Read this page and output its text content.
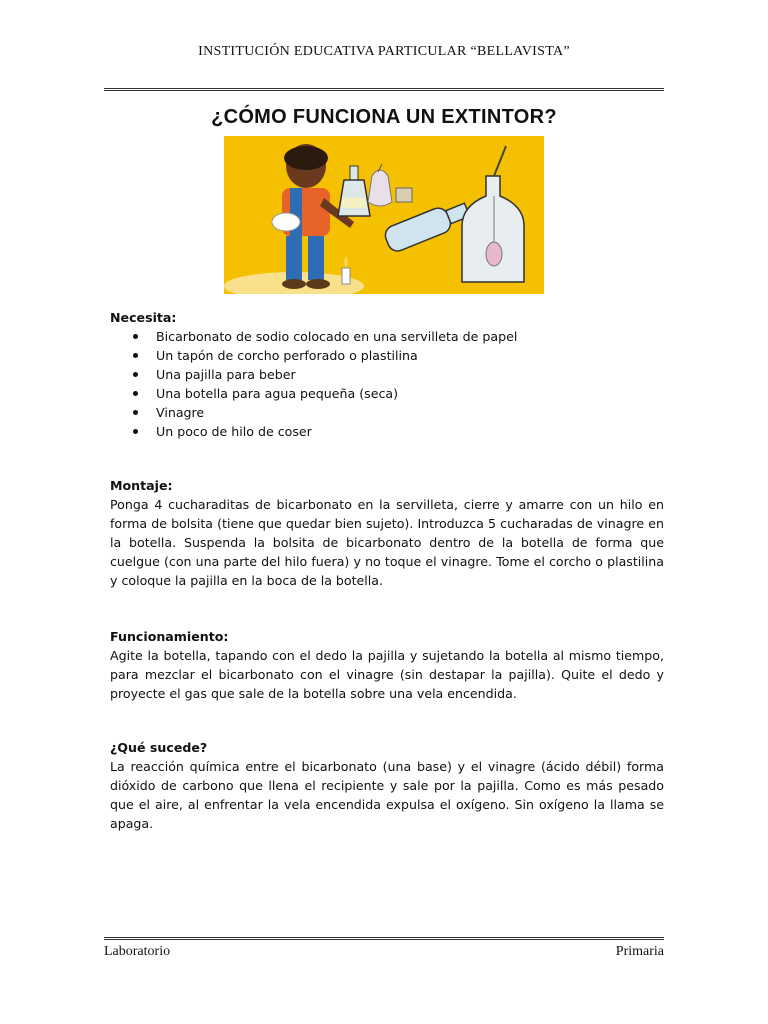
INSTITUCIÓN EDUCATIVA PARTICULAR “BELLAVISTA”
¿CÓMO FUNCIONA UN EXTINTOR?
Necesita:
Bicarbonato de sodio colocado en una servilleta de papel
Un tapón de corcho perforado o plastilina
Una pajilla para beber
Una botella para agua pequeña (seca)
Vinagre
Un poco de hilo de coser
Montaje:
Ponga 4 cucharaditas de bicarbonato en la servilleta, cierre y amarre con un hilo en forma de bolsita (tiene que quedar bien sujeto). Introduzca 5 cucharadas de vinagre en la botella. Suspenda la bolsita de bicarbonato dentro de la botella de forma que cuelgue (con una parte del hilo fuera) y no toque el vinagre. Tome el corcho o plastilina y coloque la pajilla en la boca de la botella.
Funcionamiento:
Agite la botella, tapando con el dedo la pajilla y sujetando la botella al mismo tiempo, para mezclar el bicarbonato con el vinagre (sin destapar la pajilla). Quite el dedo y proyecte el gas que sale de la botella sobre una vela encendida.
¿Qué sucede?
La reacción química entre el bicarbonato (una base) y el vinagre (ácido débil) forma dióxido de carbono que llena el recipiente y sale por la pajilla. Como es más pesado que el aire, al enfrentar la vela encendida expulsa el oxígeno. Sin oxígeno la llama se apaga.
Laboratorio	Primaria
